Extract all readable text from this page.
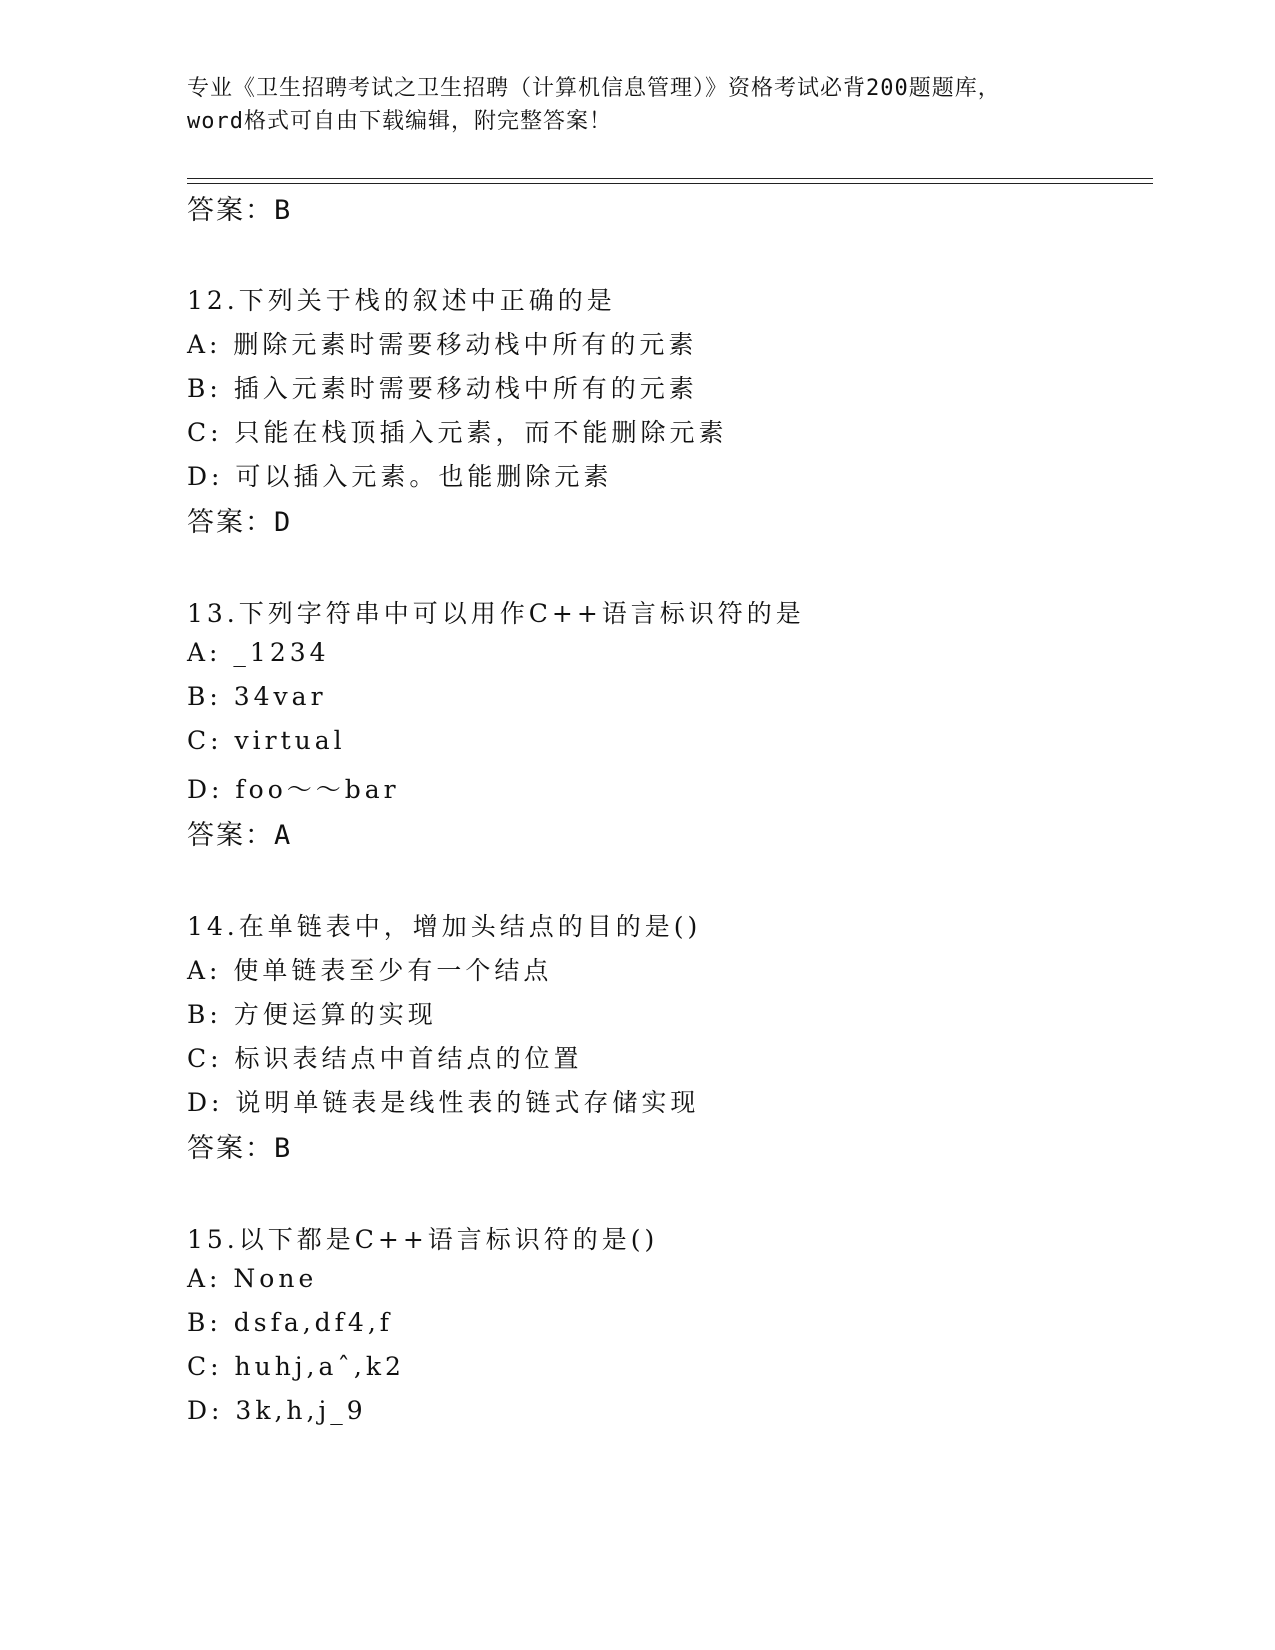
专业《卫生招聘考试之卫生招聘（计算机信息管理）》资格考试必背200题题库，
word格式可自由下载编辑，附完整答案！
答案：B
12.下列关于栈的叙述中正确的是
A: 删除元素时需要移动栈中所有的元素
B: 插入元素时需要移动栈中所有的元素
C: 只能在栈顶插入元素，而不能删除元素
D: 可以插入元素。也能删除元素
答案：D
13.下列字符串中可以用作C++语言标识符的是
A: _1234
B: 34var
C: virtual
D: foo～～bar
答案：A
14.在单链表中，增加头结点的目的是()
A: 使单链表至少有一个结点
B: 方便运算的实现
C: 标识表结点中首结点的位置
D: 说明单链表是线性表的链式存储实现
答案：B
15.以下都是C++语言标识符的是()
A: None
B: dsfa,df4,f
C: huhj,aˆ,k2
D: 3k,h,j_9
